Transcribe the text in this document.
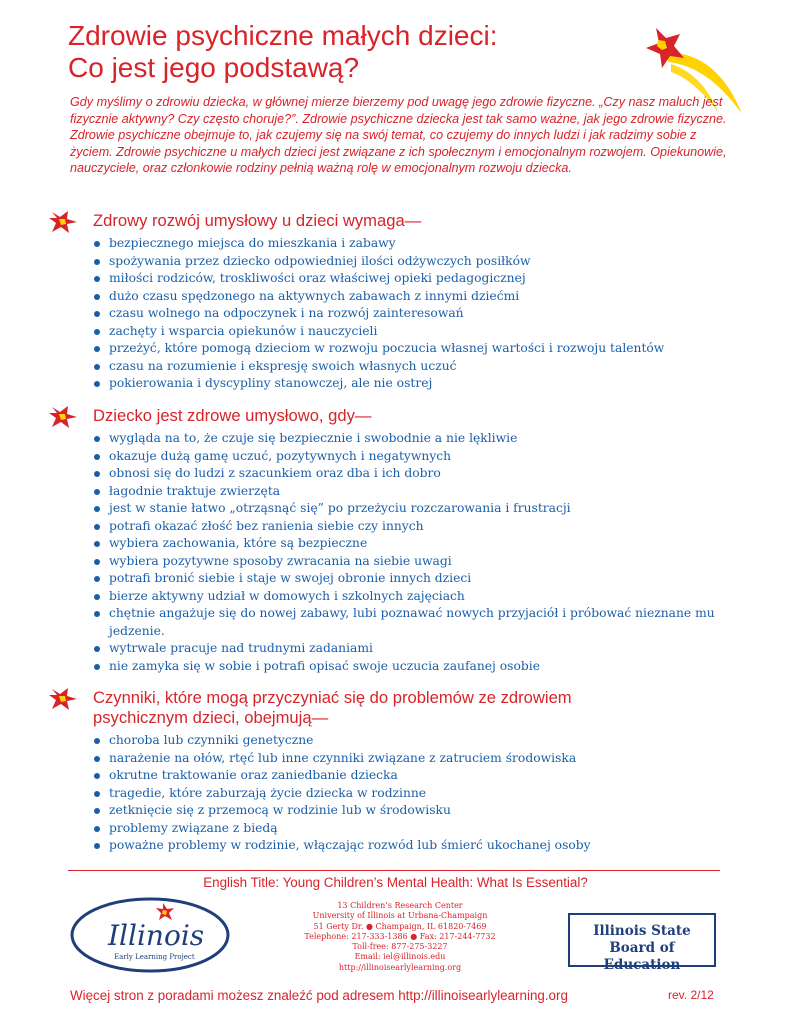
Zdrowie psychiczne małych dzieci:
Co jest jego podstawą?

Gdy myślimy o zdrowiu dziecka, w głównej mierze bierzemy pod uwagę jego zdrowie fizyczne. „Czy nasz maluch jest fizycznie aktywny? Czy często choruje?”. Zdrowie psychiczne dziecka jest tak samo ważne, jak jego zdrowie fizyczne. Zdrowie psychiczne obejmuje to, jak czujemy się na swój temat, co czujemy do innych ludzi i jak radzimy sobie z życiem. Zdrowie psychiczne u małych dzieci jest związane z ich społecznym i emocjonalnym rozwojem. Opiekunowie, nauczyciele, oraz członkowie rodziny pełnią ważną rolę w emocjonalnym rozwoju dziecka.

Zdrowy rozwój umysłowy u dzieci wymaga—
bezpiecznego miejsca do mieszkania i zabawy
spożywania przez dziecko odpowiedniej ilości odżywczych posiłków
miłości rodziców, troskliwości oraz właściwej opieki pedagogicznej
dużo czasu spędzonego na aktywnych zabawach z innymi dziećmi
czasu wolnego na odpoczynek i na rozwój zainteresowań
zachęty i wsparcia opiekunów i nauczycieli
przeżyć, które pomogą dzieciom w rozwoju poczucia własnej wartości i rozwoju talentów
czasu na rozumienie i ekspresję swoich własnych uczuć
pokierowania i dyscypliny stanowczej, ale nie ostrej
Dziecko jest zdrowe umysłowo, gdy—
wygląda na to, że czuje się bezpiecznie i swobodnie a nie lękliwie
okazuje dużą gamę uczuć, pozytywnych i negatywnych
obnosi się do ludzi z szacunkiem oraz dba i ich dobro
łagodnie traktuje zwierzęta
jest w stanie łatwo „otrząsnąć się” po przeżyciu rozczarowania i frustracji
potrafi okazać złość bez ranienia siebie czy innych
wybiera zachowania, które są bezpieczne
wybiera pozytywne sposoby zwracania na siebie uwagi
potrafi bronić siebie i staje w swojej obronie innych dzieci
bierze aktywny udział w domowych i szkolnych zajęciach
chętnie angażuje się do nowej zabawy, lubi poznawać nowych przyjaciół i próbować nieznane mu jedzenie.
wytrwale pracuje nad trudnymi zadaniami
nie zamyka się w sobie i potrafi opisać swoje uczucia zaufanej osobie
Czynniki, które mogą przyczyniać się do problemów ze zdrowiem psychicznym dzieci, obejmują—
choroba lub czynniki genetyczne
narażenie na ołów, rtęć lub inne czynniki związane z zatruciem środowiska
okrutne traktowanie oraz zaniedbanie dziecka
tragedie, które zaburzają życie dziecka w rodzinne
zetknięcie się z przemocą w rodzinie lub w środowisku
problemy związane z biedą
poważne problemy w rodzinie, włączając rozwód lub śmierć ukochanej osoby
English Title: Young Children’s Mental Health: What Is Essential?
Illinois
Early Learning Project
13 Children’s Research Center
University of Illinois at Urbana-Champaign
51 Gerty Dr. ● Champaign, IL 61820-7469
Telephone: 217-333-1386 ● Fax: 217-244-7732
Toll-free: 877-275-3227
Email: iel@illinois.edu
http://illinoisearlylearning.org
Illinois State
Board of Education
Więcej stron z poradami możesz znaleźć pod adresem http://illinoisearlylearning.org	rev. 2/12
